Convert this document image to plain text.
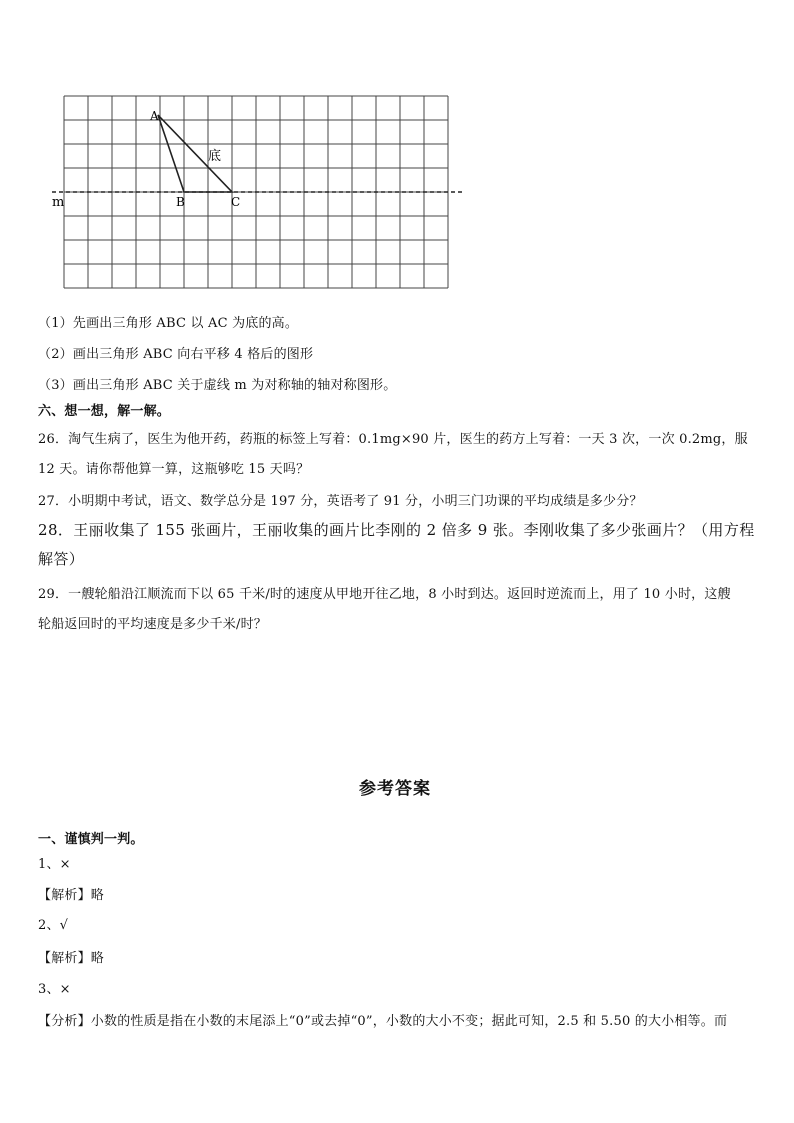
A
B	C
m
底
（1）先画出三角形 ABC 以 AC 为底的高。
（2）画出三角形 ABC 向右平移 4 格后的图形
（3）画出三角形 ABC 关于虚线 m 为对称轴的轴对称图形。
六、想一想，解一解。
26．淘气生病了，医生为他开药，药瓶的标签上写着：0.1mg×90 片，医生的药方上写着：一天 3 次，一次 0.2mg，服
12 天。请你帮他算一算，这瓶够吃 15 天吗？
27．小明期中考试，语文、数学总分是 197 分，英语考了 91 分，小明三门功课的平均成绩是多少分？
28．王丽收集了 155 张画片，王丽收集的画片比李刚的 2 倍多 9 张。李刚收集了多少张画片？（用方程
解答）
29．一艘轮船沿江顺流而下以 65 千米/时的速度从甲地开往乙地，8 小时到达。返回时逆流而上，用了 10 小时，这艘
轮船返回时的平均速度是多少千米/时？
参考答案
一、谨慎判一判。
1、×
【解析】略
2、√
【解析】略
3、×
【分析】小数的性质是指在小数的末尾添上“0”或去掉“0”，小数的大小不变；据此可知，2.5 和 5.50 的大小相等。而
